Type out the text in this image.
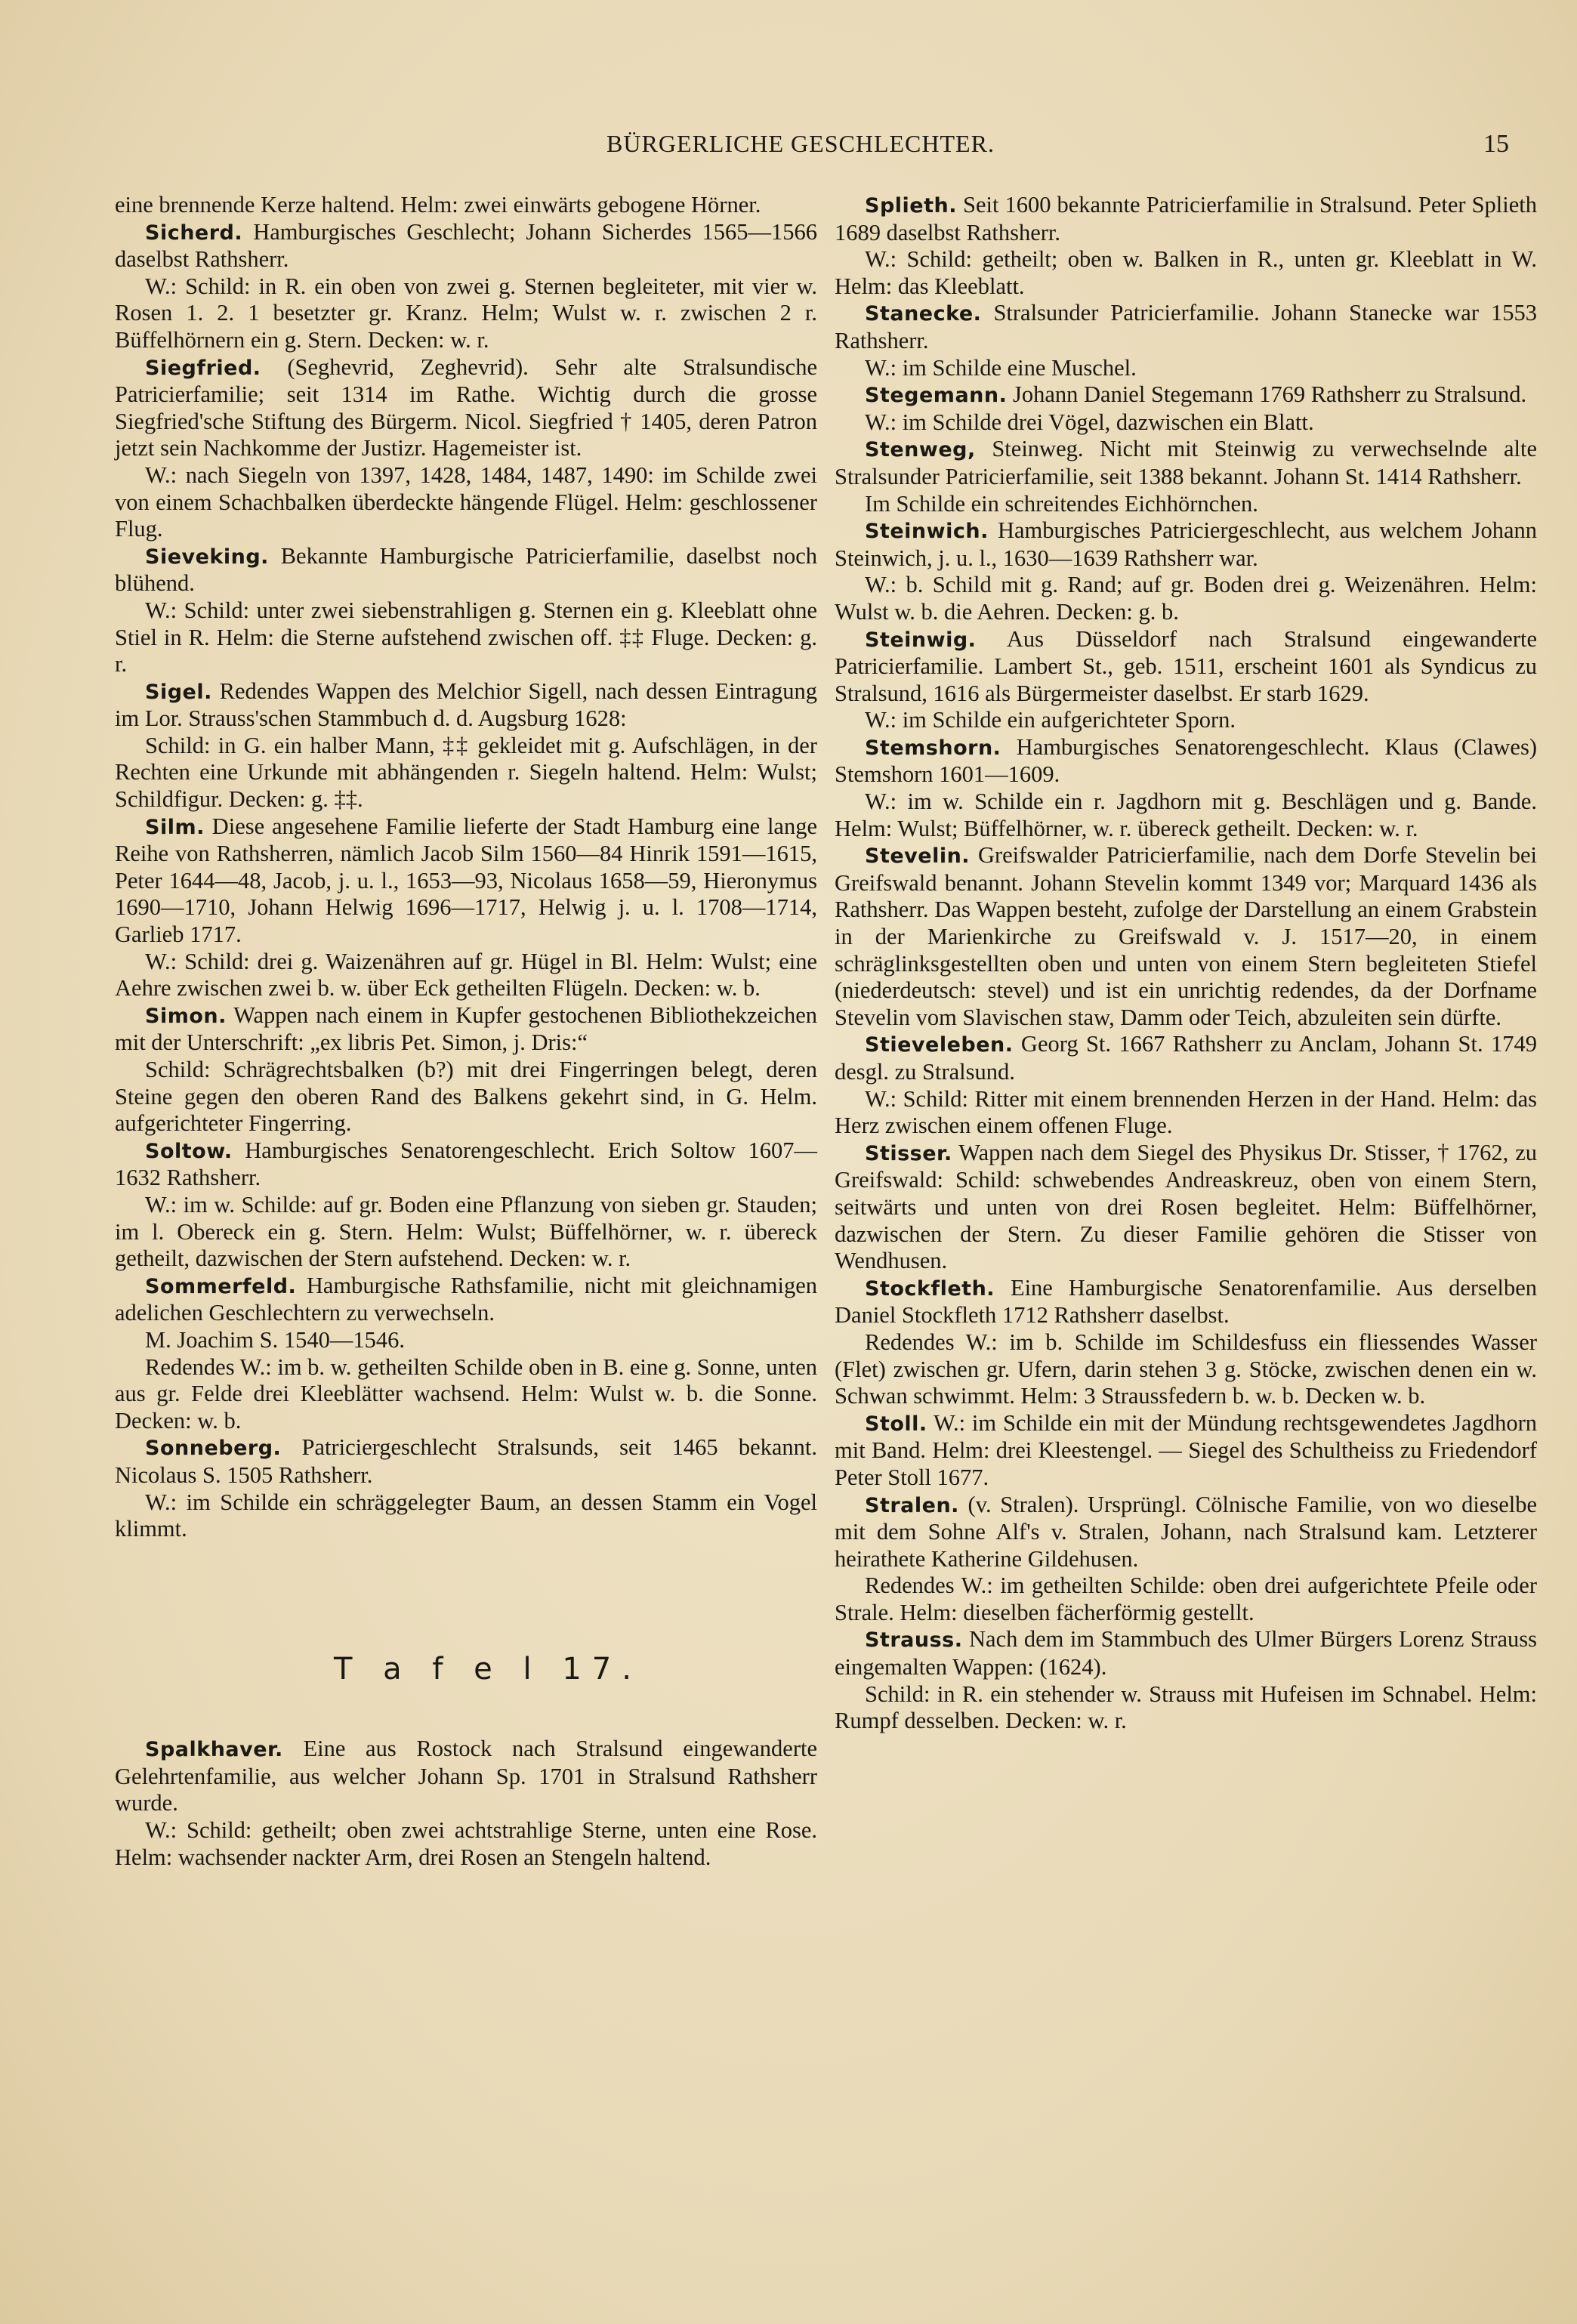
BÜRGERLICHE GESCHLECHTER.	15

eine brennende Kerze haltend. Helm: zwei einwärts gebogene Hörner.

Sicherd. Hamburgisches Geschlecht; Johann Sicherdes 1565—1566 daselbst Rathsherr.

W.: Schild: in R. ein oben von zwei g. Sternen begleiteter, mit vier w. Rosen 1. 2. 1 besetzter gr. Kranz. Helm; Wulst w. r. zwischen 2 r. Büffelhörnern ein g. Stern. Decken: w. r.

Siegfried. (Seghevrid, Zeghevrid). Sehr alte Stralsundische Patricierfamilie; seit 1314 im Rathe. Wichtig durch die grosse Siegfried'sche Stiftung des Bürgerm. Nicol. Siegfried † 1405, deren Patron jetzt sein Nachkomme der Justizr. Hagemeister ist.

W.: nach Siegeln von 1397, 1428, 1484, 1487, 1490: im Schilde zwei von einem Schachbalken überdeckte hängende Flügel. Helm: geschlossener Flug.

Sieveking. Bekannte Hamburgische Patricierfamilie, daselbst noch blühend.

W.: Schild: unter zwei siebenstrahligen g. Sternen ein g. Kleeblatt ohne Stiel in R. Helm: die Sterne aufstehend zwischen off. ‡‡ Fluge. Decken: g. r.

Sigel. Redendes Wappen des Melchior Sigell, nach dessen Eintragung im Lor. Strauss'schen Stammbuch d. d. Augsburg 1628:

Schild: in G. ein halber Mann, ‡‡ gekleidet mit g. Aufschlägen, in der Rechten eine Urkunde mit abhängenden r. Siegeln haltend. Helm: Wulst; Schildfigur. Decken: g. ‡‡.

Silm. Diese angesehene Familie lieferte der Stadt Hamburg eine lange Reihe von Rathsherren, nämlich Jacob Silm 1560—84 Hinrik 1591—1615, Peter 1644—48, Jacob, j. u. l., 1653—93, Nicolaus 1658—59, Hieronymus 1690—1710, Johann Helwig 1696—1717, Helwig j. u. l. 1708—1714, Garlieb 1717.

W.: Schild: drei g. Waizenähren auf gr. Hügel in Bl. Helm: Wulst; eine Aehre zwischen zwei b. w. über Eck getheilten Flügeln. Decken: w. b.

Simon. Wappen nach einem in Kupfer gestochenen Bibliothekzeichen mit der Unterschrift: „ex libris Pet. Simon, j. Dris:“

Schild: Schrägrechtsbalken (b?) mit drei Fingerringen belegt, deren Steine gegen den oberen Rand des Balkens gekehrt sind, in G. Helm. aufgerichteter Fingerring.

Soltow. Hamburgisches Senatorengeschlecht. Erich Soltow 1607—1632 Rathsherr.

W.: im w. Schilde: auf gr. Boden eine Pflanzung von sieben gr. Stauden; im l. Obereck ein g. Stern. Helm: Wulst; Büffelhörner, w. r. übereck getheilt, dazwischen der Stern aufstehend. Decken: w. r.

Sommerfeld. Hamburgische Rathsfamilie, nicht mit gleichnamigen adelichen Geschlechtern zu verwechseln.

M. Joachim S. 1540—1546.

Redendes W.: im b. w. getheilten Schilde oben in B. eine g. Sonne, unten aus gr. Felde drei Kleeblätter wachsend. Helm: Wulst w. b. die Sonne. Decken: w. b.

Sonneberg. Patriciergeschlecht Stralsunds, seit 1465 bekannt. Nicolaus S. 1505 Rathsherr.

W.: im Schilde ein schräggelegter Baum, an dessen Stamm ein Vogel klimmt.

T a f e l 17.

Spalkhaver. Eine aus Rostock nach Stralsund eingewanderte Gelehrtenfamilie, aus welcher Johann Sp. 1701 in Stralsund Rathsherr wurde.

W.: Schild: getheilt; oben zwei achtstrahlige Sterne, unten eine Rose. Helm: wachsender nackter Arm, drei Rosen an Stengeln haltend.

Splieth. Seit 1600 bekannte Patricierfamilie in Stralsund. Peter Splieth 1689 daselbst Rathsherr.

W.: Schild: getheilt; oben w. Balken in R., unten gr. Kleeblatt in W. Helm: das Kleeblatt.

Stanecke. Stralsunder Patricierfamilie. Johann Stanecke war 1553 Rathsherr.

W.: im Schilde eine Muschel.

Stegemann. Johann Daniel Stegemann 1769 Rathsherr zu Stralsund.

W.: im Schilde drei Vögel, dazwischen ein Blatt.

Stenweg, Steinweg. Nicht mit Steinwig zu verwechselnde alte Stralsunder Patricierfamilie, seit 1388 bekannt. Johann St. 1414 Rathsherr.

Im Schilde ein schreitendes Eichhörnchen.

Steinwich. Hamburgisches Patriciergeschlecht, aus welchem Johann Steinwich, j. u. l., 1630—1639 Rathsherr war.

W.: b. Schild mit g. Rand; auf gr. Boden drei g. Weizenähren. Helm: Wulst w. b. die Aehren. Decken: g. b.

Steinwig. Aus Düsseldorf nach Stralsund eingewanderte Patricierfamilie. Lambert St., geb. 1511, erscheint 1601 als Syndicus zu Stralsund, 1616 als Bürgermeister daselbst. Er starb 1629.

W.: im Schilde ein aufgerichteter Sporn.

Stemshorn. Hamburgisches Senatorengeschlecht. Klaus (Clawes) Stemshorn 1601—1609.

W.: im w. Schilde ein r. Jagdhorn mit g. Beschlägen und g. Bande. Helm: Wulst; Büffelhörner, w. r. übereck getheilt. Decken: w. r.

Stevelin. Greifswalder Patricierfamilie, nach dem Dorfe Stevelin bei Greifswald benannt. Johann Stevelin kommt 1349 vor; Marquard 1436 als Rathsherr. Das Wappen besteht, zufolge der Darstellung an einem Grabstein in der Marienkirche zu Greifswald v. J. 1517—20, in einem schräglinksgestellten oben und unten von einem Stern begleiteten Stiefel (niederdeutsch: stevel) und ist ein unrichtig redendes, da der Dorfname Stevelin vom Slavischen staw, Damm oder Teich, abzuleiten sein dürfte.

Stieveleben. Georg St. 1667 Rathsherr zu Anclam, Johann St. 1749 desgl. zu Stralsund.

W.: Schild: Ritter mit einem brennenden Herzen in der Hand. Helm: das Herz zwischen einem offenen Fluge.

Stisser. Wappen nach dem Siegel des Physikus Dr. Stisser, † 1762, zu Greifswald: Schild: schwebendes Andreaskreuz, oben von einem Stern, seitwärts und unten von drei Rosen begleitet. Helm: Büffelhörner, dazwischen der Stern. Zu dieser Familie gehören die Stisser von Wendhusen.

Stockfleth. Eine Hamburgische Senatorenfamilie. Aus derselben Daniel Stockfleth 1712 Rathsherr daselbst.

Redendes W.: im b. Schilde im Schildesfuss ein fliessendes Wasser (Flet) zwischen gr. Ufern, darin stehen 3 g. Stöcke, zwischen denen ein w. Schwan schwimmt. Helm: 3 Straussfedern b. w. b. Decken w. b.

Stoll. W.: im Schilde ein mit der Mündung rechtsgewendetes Jagdhorn mit Band. Helm: drei Kleestengel. — Siegel des Schultheiss zu Friedendorf Peter Stoll 1677.

Stralen. (v. Stralen). Ursprüngl. Cölnische Familie, von wo dieselbe mit dem Sohne Alf's v. Stralen, Johann, nach Stralsund kam. Letzterer heirathete Katherine Gildehusen.

Redendes W.: im getheilten Schilde: oben drei aufgerichtete Pfeile oder Strale. Helm: dieselben fächerförmig gestellt.

Strauss. Nach dem im Stammbuch des Ulmer Bürgers Lorenz Strauss eingemalten Wappen: (1624).

Schild: in R. ein stehender w. Strauss mit Hufeisen im Schnabel. Helm: Rumpf desselben. Decken: w. r.
